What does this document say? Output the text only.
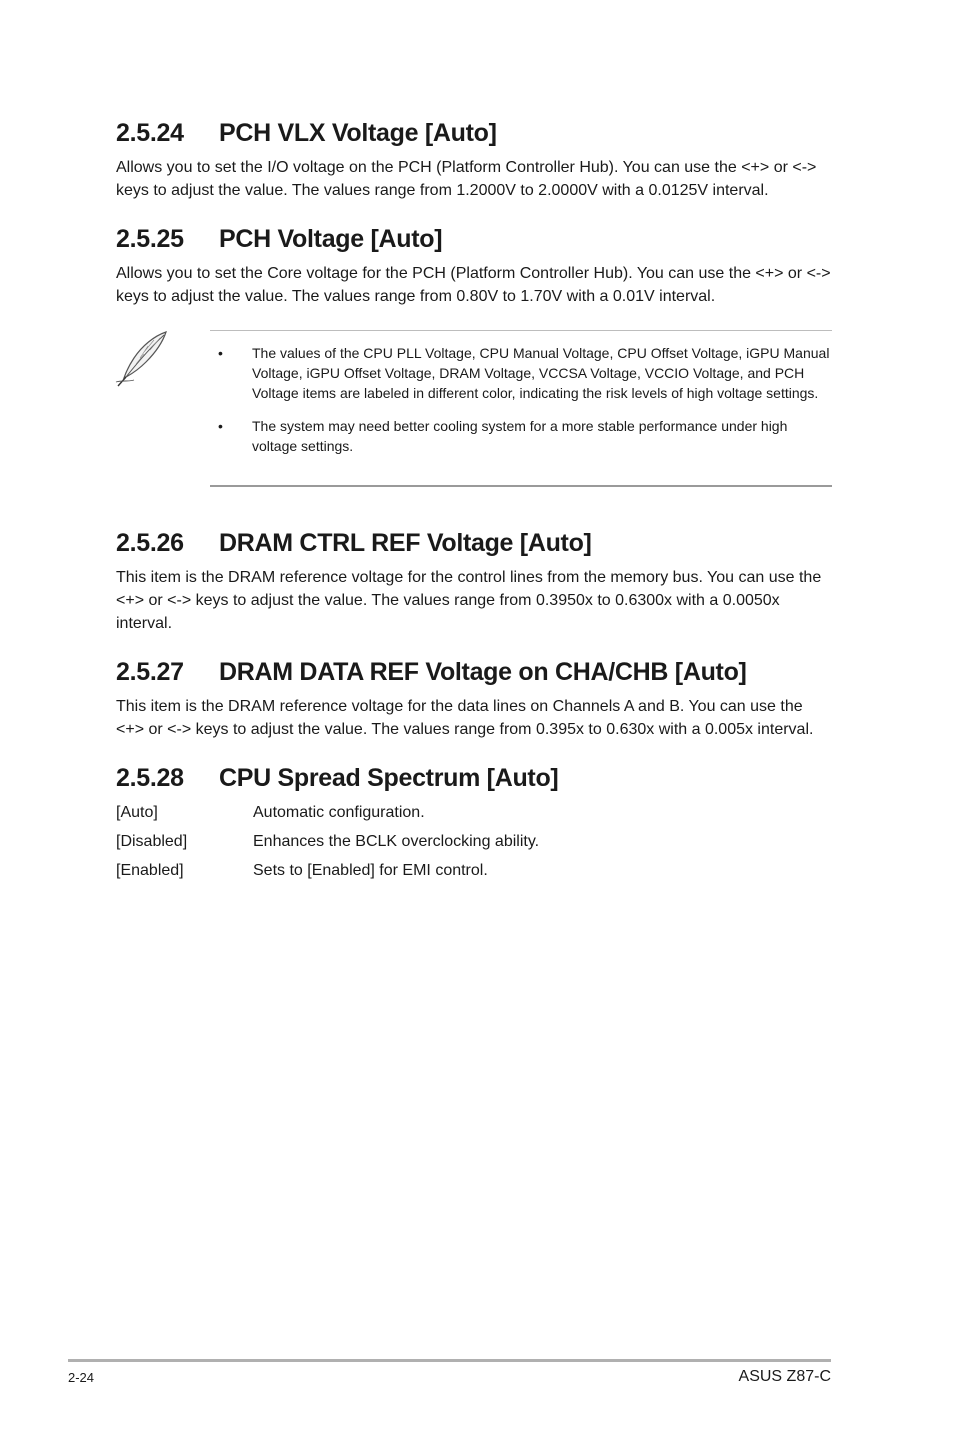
2.5.24 PCH VLX Voltage [Auto]

Allows you to set the I/O voltage on the PCH (Platform Controller Hub). You can use the <+> or <-> keys to adjust the value. The values range from 1.2000V to 2.0000V with a 0.0125V interval.

2.5.25 PCH Voltage [Auto]

Allows you to set the Core voltage for the PCH (Platform Controller Hub). You can use the <+> or <-> keys to adjust the value. The values range from 0.80V to 1.70V with a 0.01V interval.

• The values of the CPU PLL Voltage, CPU Manual Voltage, CPU Offset Voltage, iGPU Manual Voltage, iGPU Offset Voltage, DRAM Voltage, VCCSA Voltage, VCCIO Voltage, and PCH Voltage items are labeled in different color, indicating the risk levels of high voltage settings.
• The system may need better cooling system for a more stable performance under high voltage settings.
2.5.26 DRAM CTRL REF Voltage [Auto]

This item is the DRAM reference voltage for the control lines from the memory bus. You can use the <+> or <-> keys to adjust the value. The values range from 0.3950x to 0.6300x with a 0.0050x interval.

2.5.27 DRAM DATA REF Voltage on CHA/CHB [Auto]

This item is the DRAM reference voltage for the data lines on Channels A and B. You can use the <+> or <-> keys to adjust the value. The values range from 0.395x to 0.630x with a 0.005x interval.

2.5.28 CPU Spread Spectrum [Auto]
[Auto]	Automatic configuration.
[Disabled]	Enhances the BCLK overclocking ability.
[Enabled]	Sets to [Enabled] for EMI control.
2-24	ASUS Z87-C
